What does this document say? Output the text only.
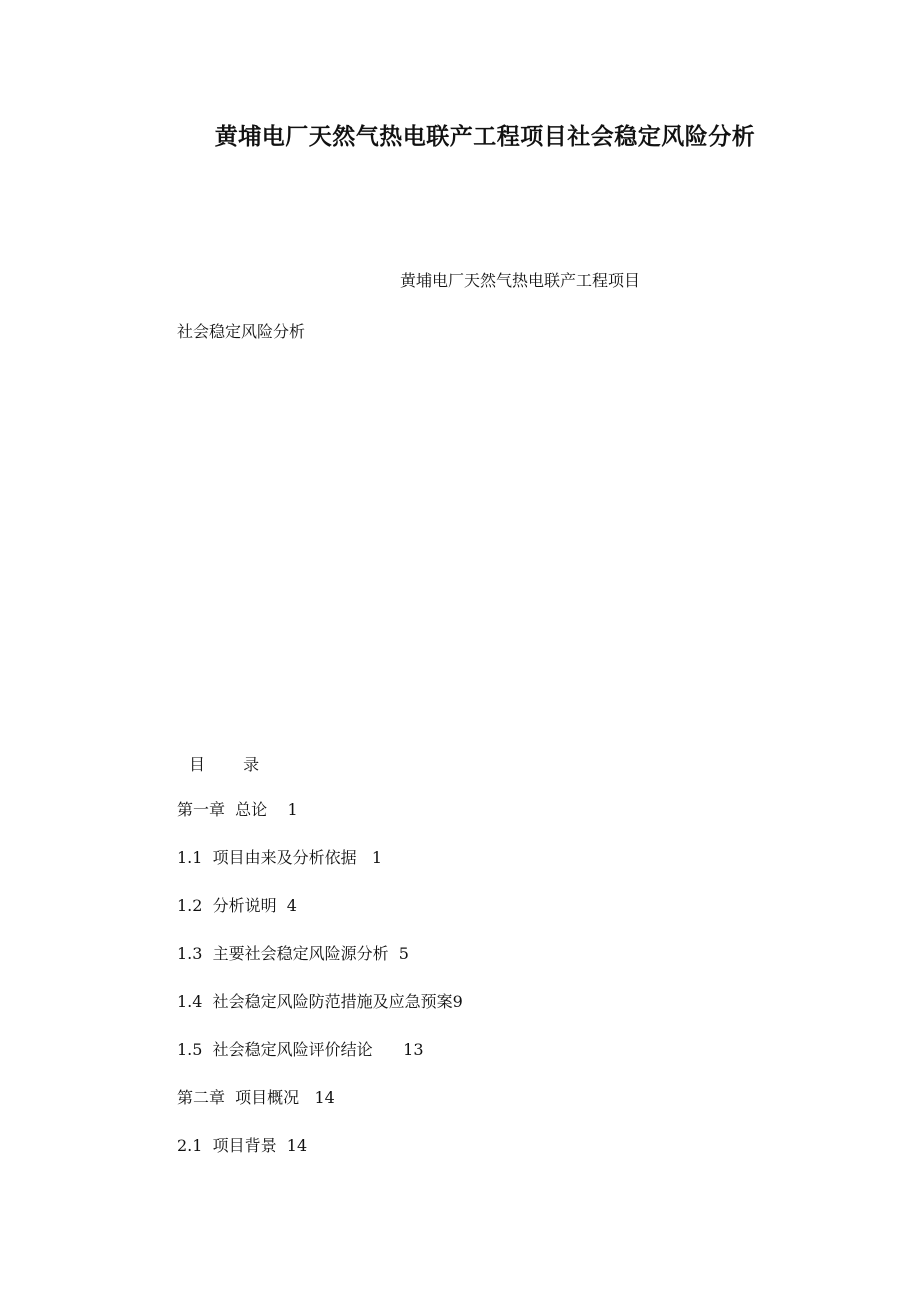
黄埔电厂天然气热电联产工程项目社会稳定风险分析
黄埔电厂天然气热电联产工程项目
社会稳定风险分析
目  录
第一章  总论 1
1.1  项目由来及分析依据 1
1.2  分析说明 4
1.3  主要社会稳定风险源分析 5
1.4  社会稳定风险防范措施及应急预案9
1.5  社会稳定风险评价结论 13
第二章  项目概况 14
2.1  项目背景 14
